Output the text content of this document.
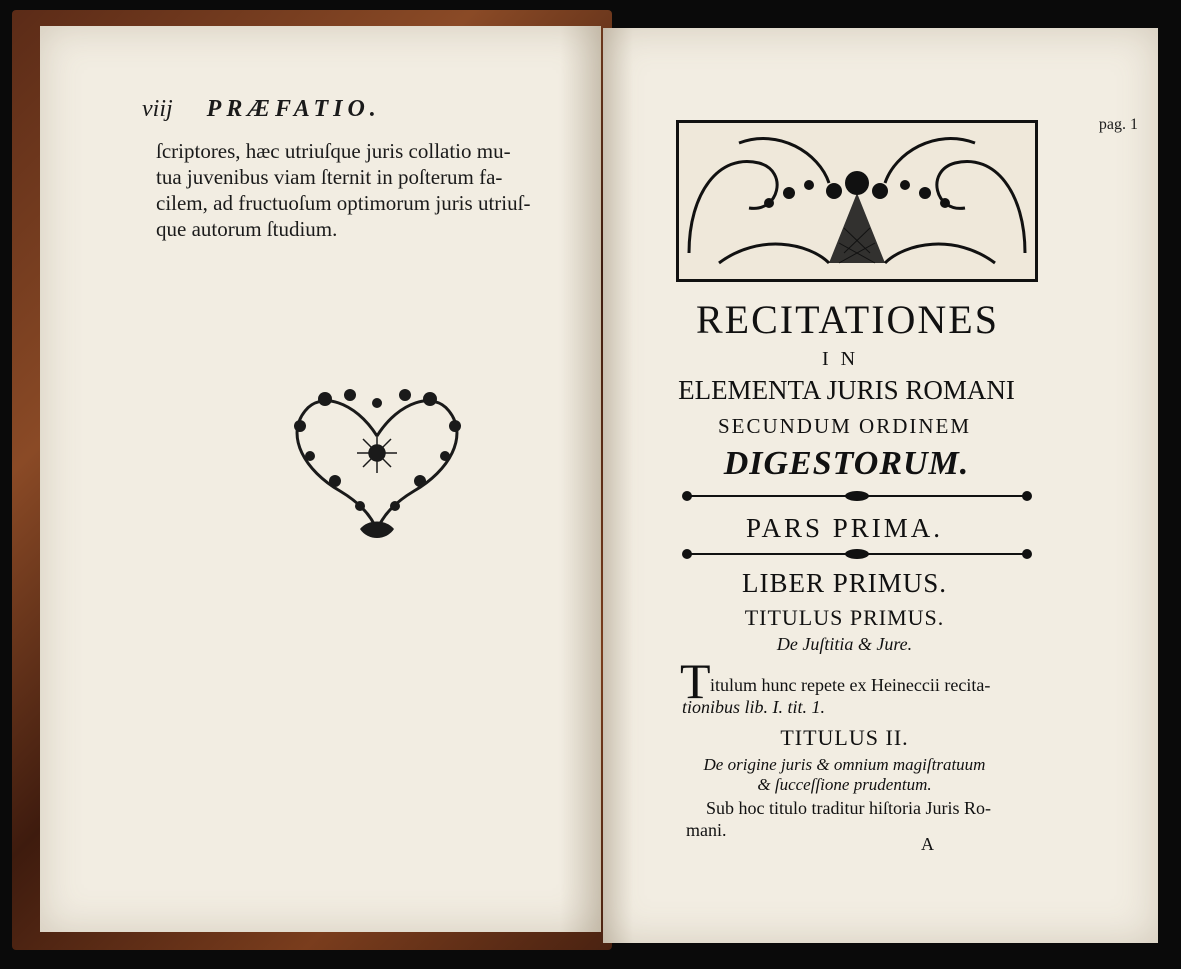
viij PRÆFATIO.
ſcriptores, hæc utriuſque juris collatio mu-
tua juvenibus viam ſternit in poſterum fa-
cilem, ad fructuoſum optimorum juris utriuſ-
que autorum ſtudium.
pag. 1
RECITATIONES
IN
ELEMENTA JURIS ROMANI
SECUNDUM ORDINEM
DIGESTORUM.
PARS PRIMA.
LIBER PRIMUS.
TITULUS PRIMUS.
De Juſtitia & Jure.
T itulum hunc repete ex Heineccii recita-
tionibus lib. I. tit. 1.
TITULUS II.
De origine juris & omnium magiſtratuum
& ſucceſſione prudentum.
Sub hoc titulo traditur hiſtoria Juris Ro-
mani.
A
